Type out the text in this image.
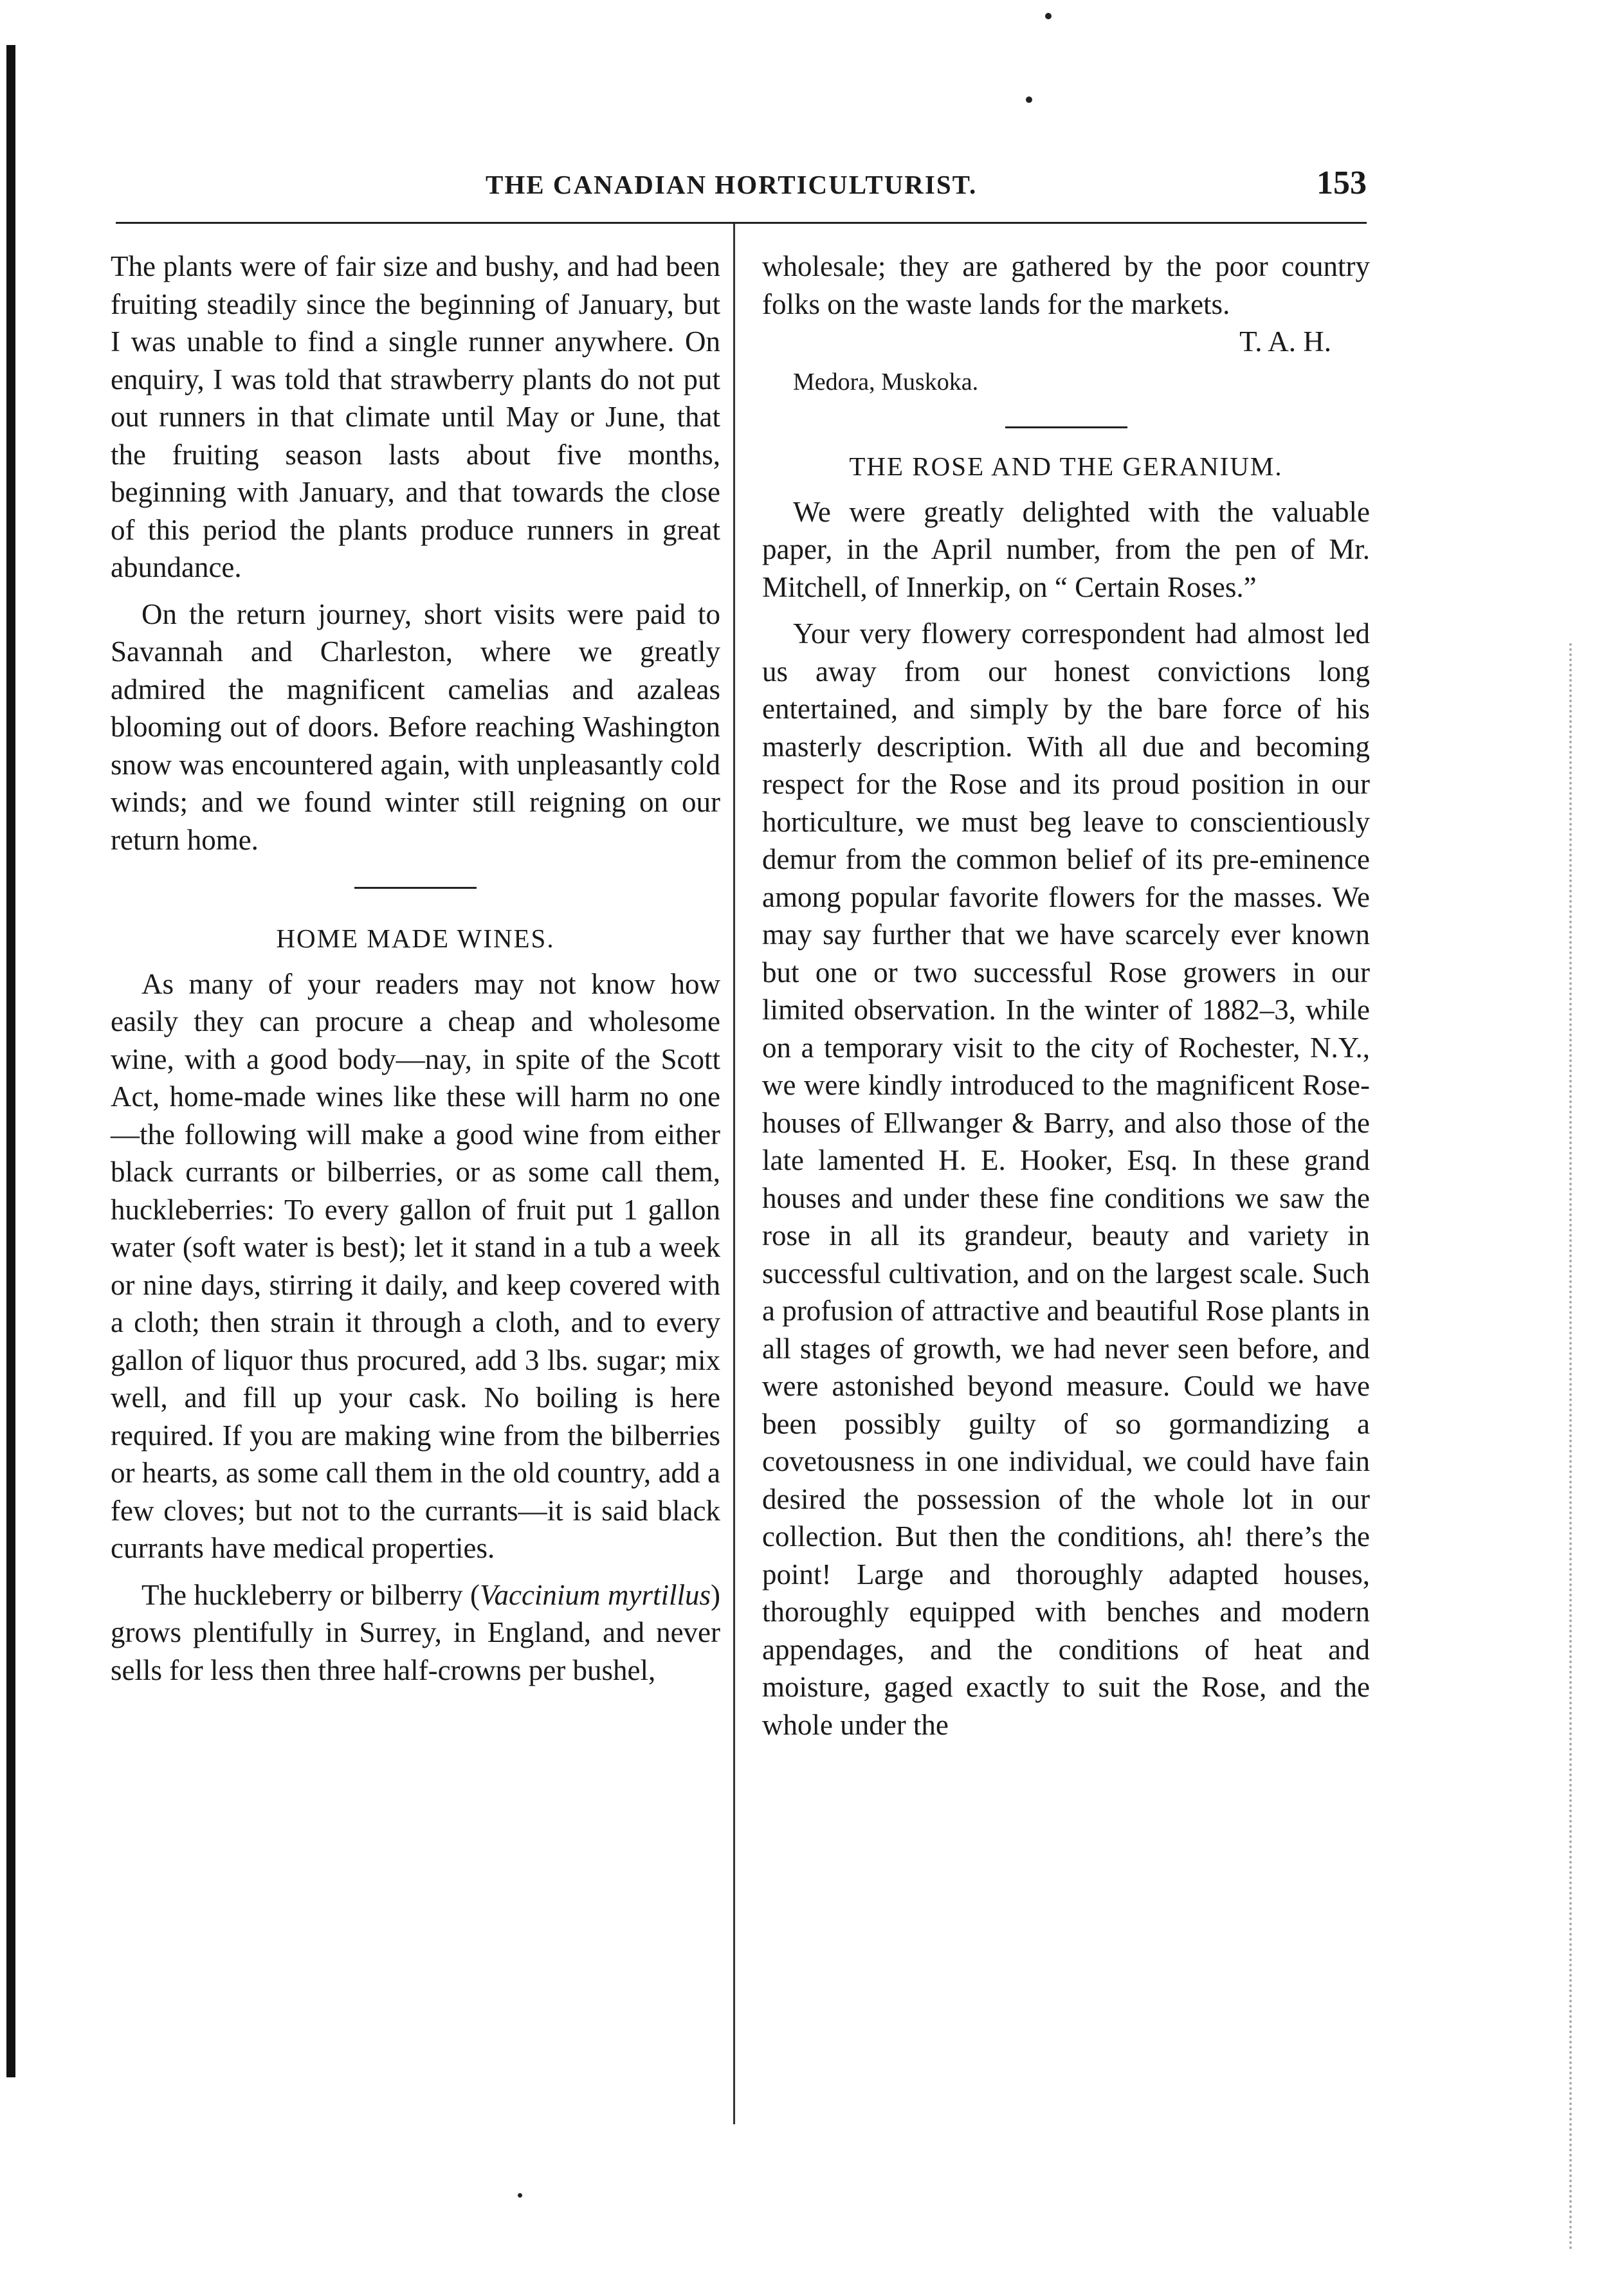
THE CANADIAN HORTICULTURIST.	153

The plants were of fair size and bushy, and had been fruiting steadily since the beginning of January, but I was unable to find a single runner anywhere. On enquiry, I was told that strawberry plants do not put out runners in that climate until May or June, that the fruiting season lasts about five months, beginning with January, and that towards the close of this period the plants produce runners in great abundance.

On the return journey, short visits were paid to Savannah and Charleston, where we greatly admired the magnificent camelias and azaleas blooming out of doors. Before reaching Washington snow was encountered again, with unpleasantly cold winds; and we found winter still reigning on our return home.

HOME MADE WINES.

As many of your readers may not know how easily they can procure a cheap and wholesome wine, with a good body—nay, in spite of the Scott Act, home-made wines like these will harm no one—the following will make a good wine from either black currants or bilberries, or as some call them, huckleberries: To every gallon of fruit put 1 gallon water (soft water is best); let it stand in a tub a week or nine days, stirring it daily, and keep covered with a cloth; then strain it through a cloth, and to every gallon of liquor thus procured, add 3 lbs. sugar; mix well, and fill up your cask. No boiling is here required. If you are making wine from the bilberries or hearts, as some call them in the old country, add a few cloves; but not to the currants—it is said black currants have medical properties.

The huckleberry or bilberry (Vaccinium myrtillus) grows plentifully in Surrey, in England, and never sells for less then three half-crowns per bushel,

wholesale; they are gathered by the poor country folks on the waste lands for the markets.

T. A. H.
Medora, Muskoka.
THE ROSE AND THE GERANIUM.

We were greatly delighted with the valuable paper, in the April number, from the pen of Mr. Mitchell, of Innerkip, on “ Certain Roses.”

Your very flowery correspondent had almost led us away from our honest convictions long entertained, and simply by the bare force of his masterly description. With all due and becoming respect for the Rose and its proud position in our horticulture, we must beg leave to conscientiously demur from the common belief of its pre-eminence among popular favorite flowers for the masses. We may say further that we have scarcely ever known but one or two successful Rose growers in our limited observation. In the winter of 1882–3, while on a temporary visit to the city of Rochester, N.Y., we were kindly introduced to the magnificent Rose-houses of Ellwanger & Barry, and also those of the late lamented H. E. Hooker, Esq. In these grand houses and under these fine conditions we saw the rose in all its grandeur, beauty and variety in successful cultivation, and on the largest scale. Such a profusion of attractive and beautiful Rose plants in all stages of growth, we had never seen before, and were astonished beyond measure. Could we have been possibly guilty of so gormandizing a covetousness in one individual, we could have fain desired the possession of the whole lot in our collection. But then the conditions, ah! there’s the point! Large and thoroughly adapted houses, thoroughly equipped with benches and modern appendages, and the conditions of heat and moisture, gaged exactly to suit the Rose, and the whole under the
